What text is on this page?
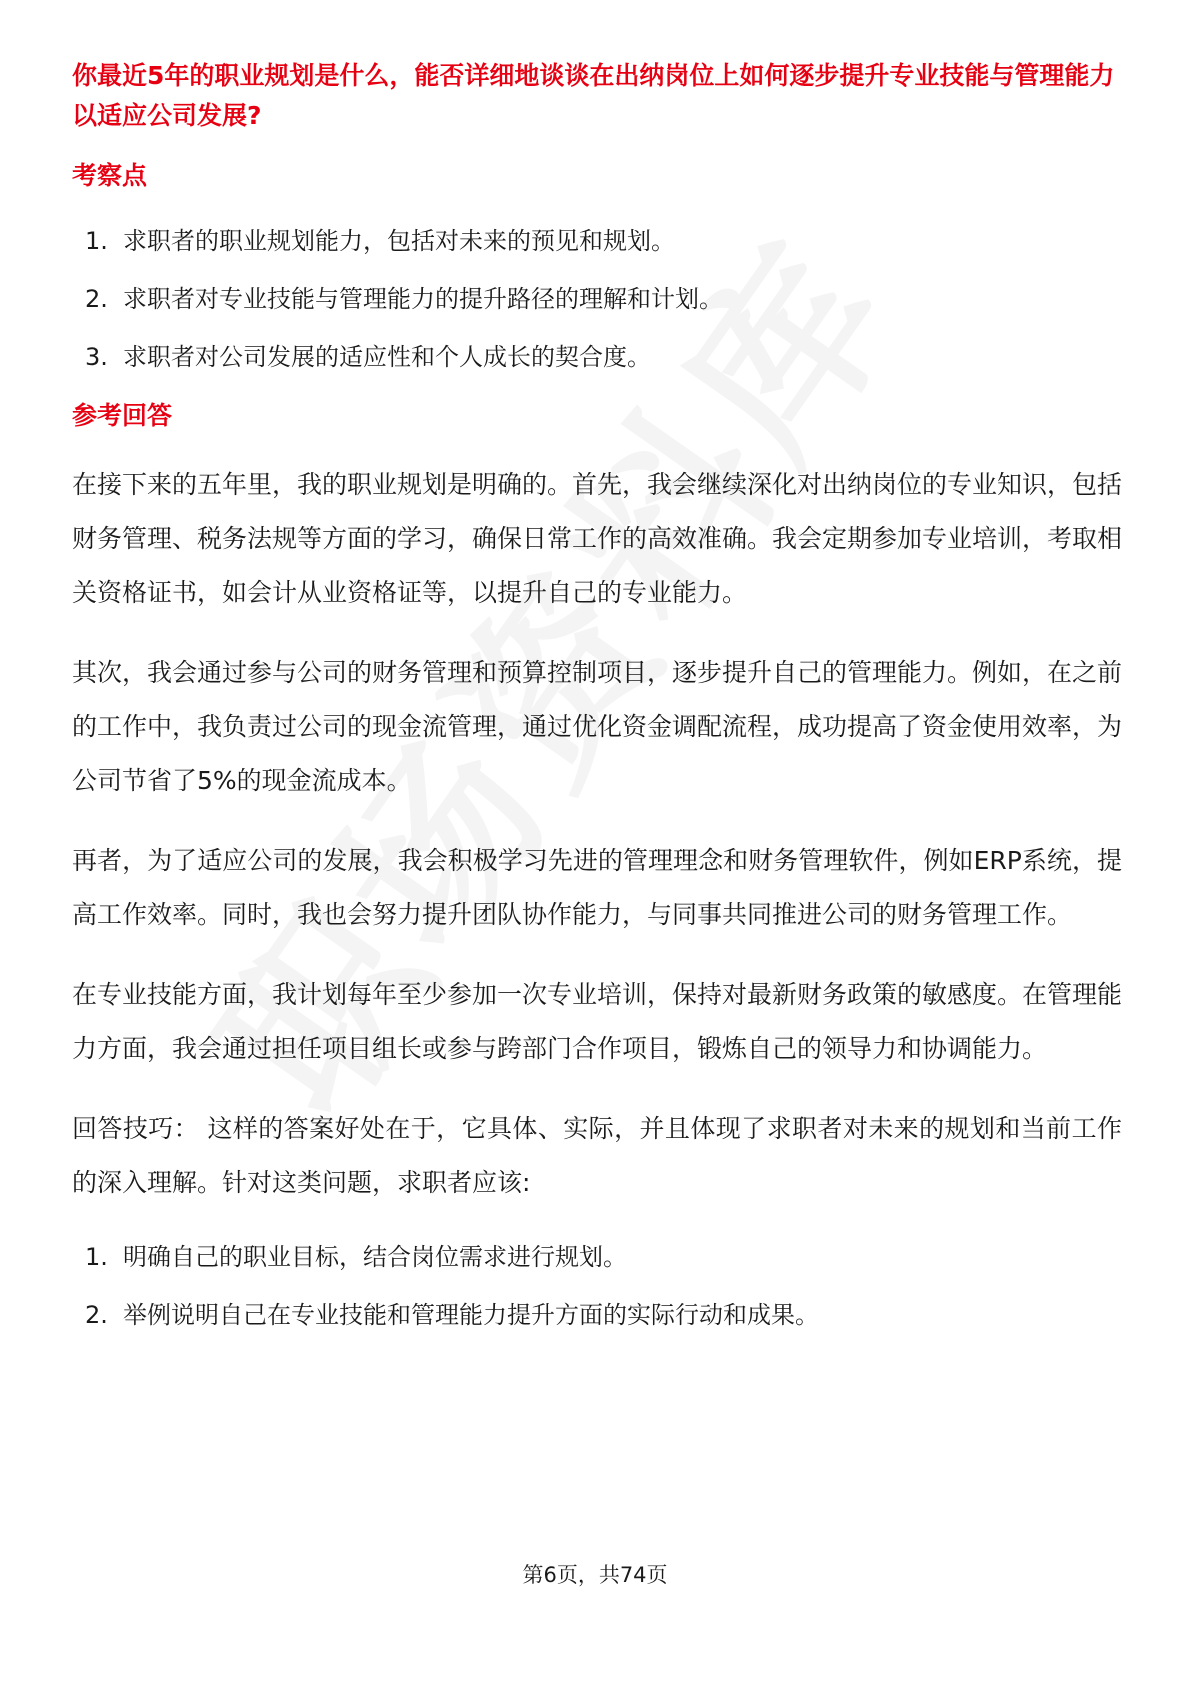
你最近5年的职业规划是什么，能否详细地谈谈在出纳岗位上如何逐步提升专业技能与管理能力以适应公司发展?
考察点
1. 求职者的职业规划能力，包括对未来的预见和规划。
2. 求职者对专业技能与管理能力的提升路径的理解和计划。
3. 求职者对公司发展的适应性和个人成长的契合度。
参考回答

在接下来的五年里，我的职业规划是明确的。首先，我会继续深化对出纳岗位的专业知识，包括财务管理、税务法规等方面的学习，确保日常工作的高效准确。我会定期参加专业培训，考取相关资格证书，如会计从业资格证等，以提升自己的专业能力。

其次，我会通过参与公司的财务管理和预算控制项目，逐步提升自己的管理能力。例如，在之前的工作中，我负责过公司的现金流管理，通过优化资金调配流程，成功提高了资金使用效率，为公司节省了5%的现金流成本。

再者，为了适应公司的发展，我会积极学习先进的管理理念和财务管理软件，例如ERP系统，提高工作效率。同时，我也会努力提升团队协作能力，与同事共同推进公司的财务管理工作。

在专业技能方面，我计划每年至少参加一次专业培训，保持对最新财务政策的敏感度。在管理能力方面，我会通过担任项目组长或参与跨部门合作项目，锻炼自己的领导力和协调能力。

回答技巧： 这样的答案好处在于，它具体、实际，并且体现了求职者对未来的规划和当前工作的深入理解。针对这类问题，求职者应该:

1. 明确自己的职业目标，结合岗位需求进行规划。
2. 举例说明自己在专业技能和管理能力提升方面的实际行动和成果。
第6页，共74页
